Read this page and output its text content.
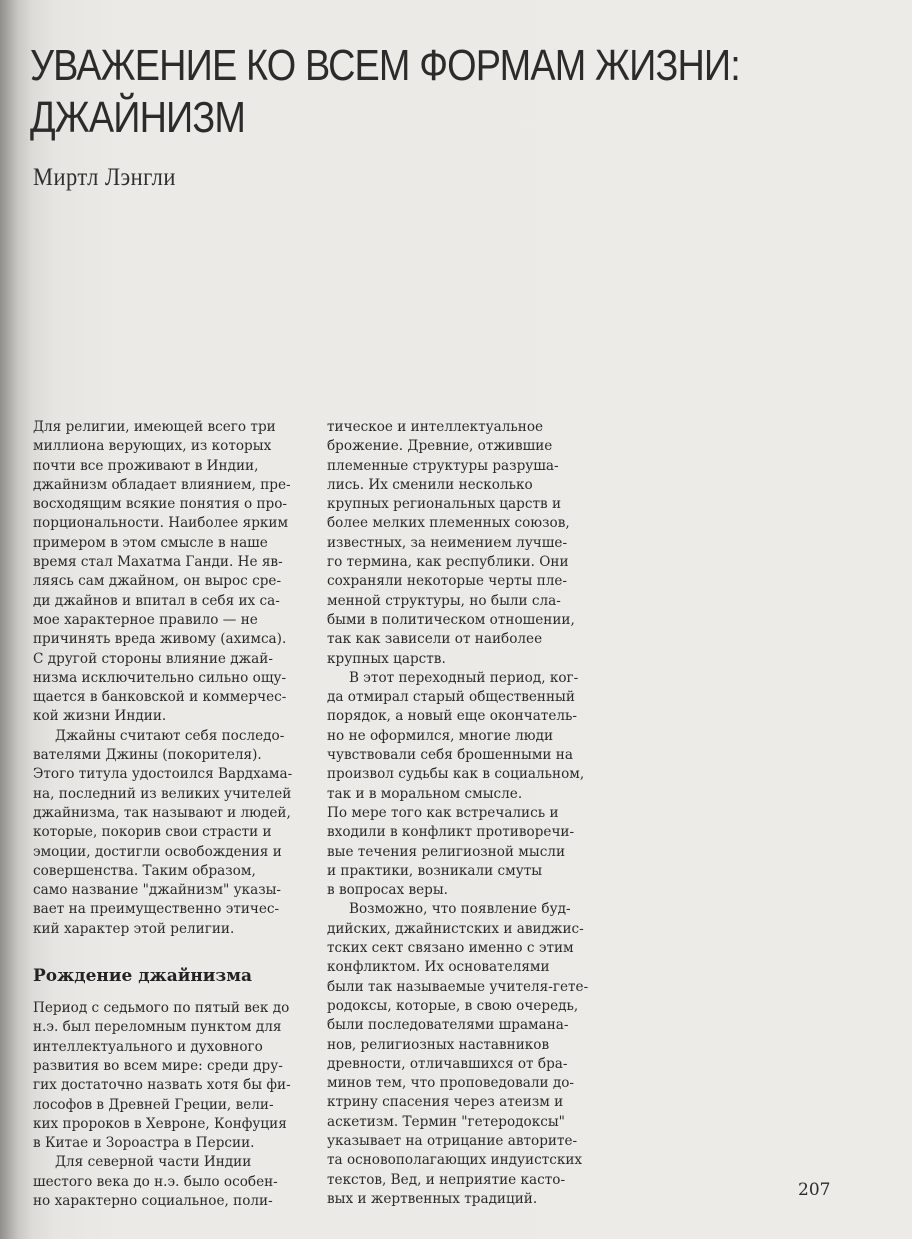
УВАЖЕНИЕ КО ВСЕМ ФОРМАМ ЖИЗНИ:
ДЖАЙНИЗМ
Миртл Лэнгли
Для религии, имеющей всего три
миллиона верующих, из которых
почти все проживают в Индии,
джайнизм обладает влиянием, пре-
восходящим всякие понятия о про-
порциональности. Наиболее ярким
примером в этом смысле в наше
время стал Махатма Ганди. Не яв-
ляясь сам джайном, он вырос сре-
ди джайнов и впитал в себя их са-
мое характерное правило — не
причинять вреда живому (ахимса).
С другой стороны влияние джай-
низма исключительно сильно ощу-
щается в банковской и коммерчес-
кой жизни Индии.
Джайны считают себя последо-
вателями Джины (покорителя).
Этого титула удостоился Вардхама-
на, последний из великих учителей
джайнизма, так называют и людей,
которые, покорив свои страсти и
эмоции, достигли освобождения и
совершенства. Таким образом,
само название "джайнизм" указы-
вает на преимущественно этичес-
кий характер этой религии.
Рождение джайнизма
Период с седьмого по пятый век до
н.э. был переломным пунктом для
интеллектуального и духовного
развития во всем мире: среди дру-
гих достаточно назвать хотя бы фи-
лософов в Древней Греции, вели-
ких пророков в Хевроне, Конфуция
в Китае и Зороастра в Персии.
Для северной части Индии
шестого века до н.э. было особен-
но характерно социальное, поли-
тическое и интеллектуальное
брожение. Древние, отжившие
племенные структуры разруша-
лись. Их сменили несколько
крупных региональных царств и
более мелких племенных союзов,
известных, за неимением лучше-
го термина, как республики. Они
сохраняли некоторые черты пле-
менной структуры, но были сла-
быми в политическом отношении,
так как зависели от наиболее
крупных царств.
В этот переходный период, ког-
да отмирал старый общественный
порядок, а новый еще окончатель-
но не оформился, многие люди
чувствовали себя брошенными на
произвол судьбы как в социальном,
так и в моральном смысле.
По мере того как встречались и
входили в конфликт противоречи-
вые течения религиозной мысли
и практики, возникали смуты
в вопросах веры.
Возможно, что появление буд-
дийских, джайнистских и авиджис-
тских сект связано именно с этим
конфликтом. Их основателями
были так называемые учителя-гете-
родоксы, которые, в свою очередь,
были последователями шрамана-
нов, религиозных наставников
древности, отличавшихся от бра-
минов тем, что проповедовали до-
ктрину спасения через атеизм и
аскетизм. Термин "гетеродоксы"
указывает на отрицание авторите-
та основополагающих индуистских
текстов, Вед, и неприятие касто-
вых и жертвенных традиций.	207
